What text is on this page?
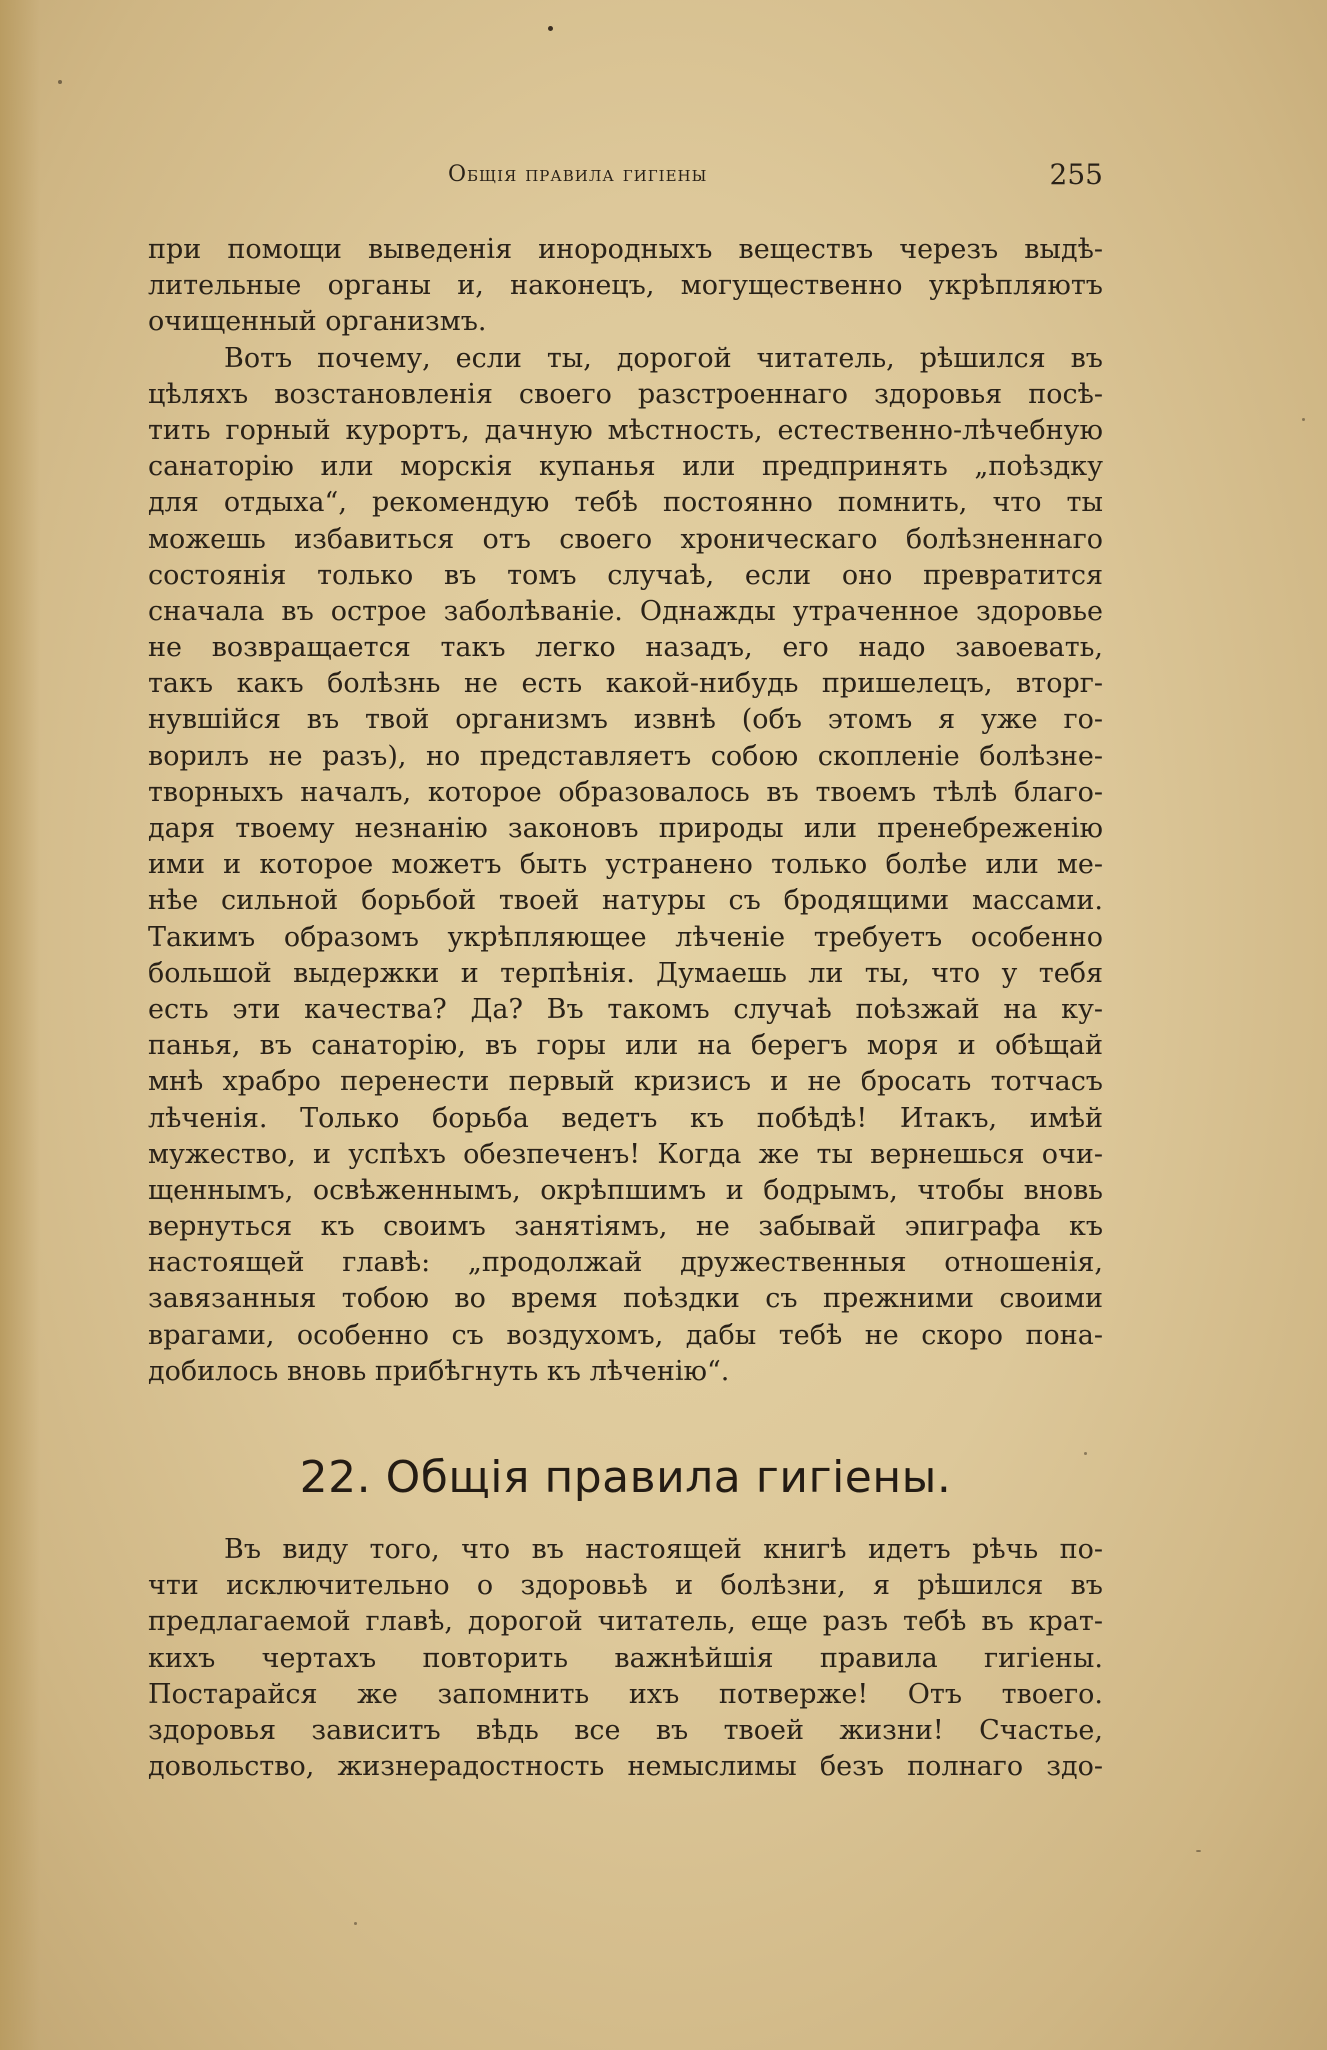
Общія правила гигіены	255
при помощи выведенія инородныхъ веществъ черезъ выдѣ-
лительные органы и, наконецъ, могущественно укрѣпляютъ
очищенный организмъ.
Вотъ почему, если ты, дорогой читатель, рѣшился въ
цѣляхъ возстановленія своего разстроеннаго здоровья посѣ-
тить горный курортъ, дачную мѣстность, естественно-лѣчебную
санаторію или морскія купанья или предпринять „поѣздку
для отдыха“, рекомендую тебѣ постоянно помнить, что ты
можешь избавиться отъ своего хроническаго болѣзненнаго
состоянія только въ томъ случаѣ, если оно превратится
сначала въ острое заболѣваніе. Однажды утраченное здоровье
не возвращается такъ легко назадъ, его надо завоевать,
такъ какъ болѣзнь не есть какой-нибудь пришелецъ, вторг-
нувшійся въ твой организмъ извнѣ (объ этомъ я уже го-
ворилъ не разъ), но представляетъ собою скопленіе болѣзне-
творныхъ началъ, которое образовалось въ твоемъ тѣлѣ благо-
даря твоему незнанію законовъ природы или пренебреженію
ими и которое можетъ быть устранено только болѣе или ме-
нѣе сильной борьбой твоей натуры съ бродящими массами.
Такимъ образомъ укрѣпляющее лѣченіе требуетъ особенно
большой выдержки и терпѣнія. Думаешь ли ты, что у тебя
есть эти качества? Да? Въ такомъ случаѣ поѣзжай на ку-
панья, въ санаторію, въ горы или на берегъ моря и обѣщай
мнѣ храбро перенести первый кризисъ и не бросать тотчасъ
лѣченія. Только борьба ведетъ къ побѣдѣ! Итакъ, имѣй
мужество, и успѣхъ обезпеченъ! Когда же ты вернешься очи-
щеннымъ, освѣженнымъ, окрѣпшимъ и бодрымъ, чтобы вновь
вернуться къ своимъ занятіямъ, не забывай эпиграфа къ
настоящей главѣ: „продолжай дружественныя отношенія,
завязанныя тобою во время поѣздки съ прежними своими
врагами, особенно съ воздухомъ, дабы тебѣ не скоро пона-
добилось вновь прибѣгнуть къ лѣченію“.
22. Общія правила гигіены.
Въ виду того, что въ настоящей книгѣ идетъ рѣчь по-
чти исключительно о здоровьѣ и болѣзни, я рѣшился въ
предлагаемой главѣ, дорогой читатель, еще разъ тебѣ въ крат-
кихъ чертахъ повторить важнѣйшія правила гигіены.
Постарайся же запомнить ихъ потверже! Отъ твоего.
здоровья зависитъ вѣдь все въ твоей жизни! Счастье,
довольство, жизнерадостность немыслимы безъ полнаго здо-
